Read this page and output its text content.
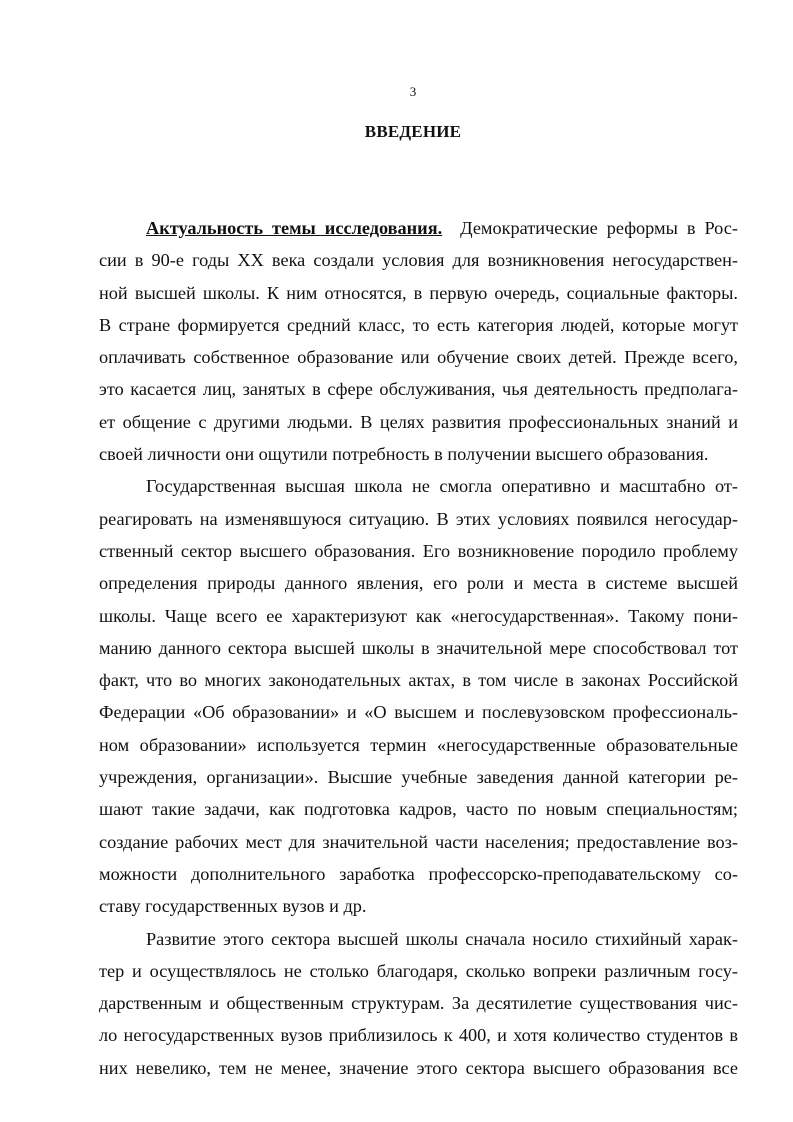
3
ВВЕДЕНИЕ
Актуальность темы исследования. Демократические реформы в Рос-
сии в 90-е годы XX века создали условия для возникновения негосударствен-
ной высшей школы. К ним относятся, в первую очередь, социальные факторы.
В стране формируется средний класс, то есть категория людей, которые могут
оплачивать собственное образование или обучение своих детей. Прежде всего,
это касается лиц, занятых в сфере обслуживания, чья деятельность предполага-
ет общение с другими людьми. В целях развития профессиональных знаний и
своей личности они ощутили потребность в получении высшего образования.
Государственная высшая школа не смогла оперативно и масштабно от-
реагировать на изменявшуюся ситуацию. В этих условиях появился негосудар-
ственный сектор высшего образования. Его возникновение породило проблему
определения природы данного явления, его роли и места в системе высшей
школы. Чаще всего ее характеризуют как «негосударственная». Такому пони-
манию данного сектора высшей школы в значительной мере способствовал тот
факт, что во многих законодательных актах, в том числе в законах Российской
Федерации «Об образовании» и «О высшем и послевузовском профессиональ-
ном образовании» используется термин «негосударственные образовательные
учреждения, организации». Высшие учебные заведения данной категории ре-
шают такие задачи, как подготовка кадров, часто по новым специальностям;
создание рабочих мест для значительной части населения; предоставление воз-
можности дополнительного заработка профессорско-преподавательскому со-
ставу государственных вузов и др.
Развитие этого сектора высшей школы сначала носило стихийный харак-
тер и осуществлялось не столько благодаря, сколько вопреки различным госу-
дарственным и общественным структурам. За десятилетие существования чис-
ло негосударственных вузов приблизилось к 400, и хотя количество студентов в
них невелико, тем не менее, значение этого сектора высшего образования все
